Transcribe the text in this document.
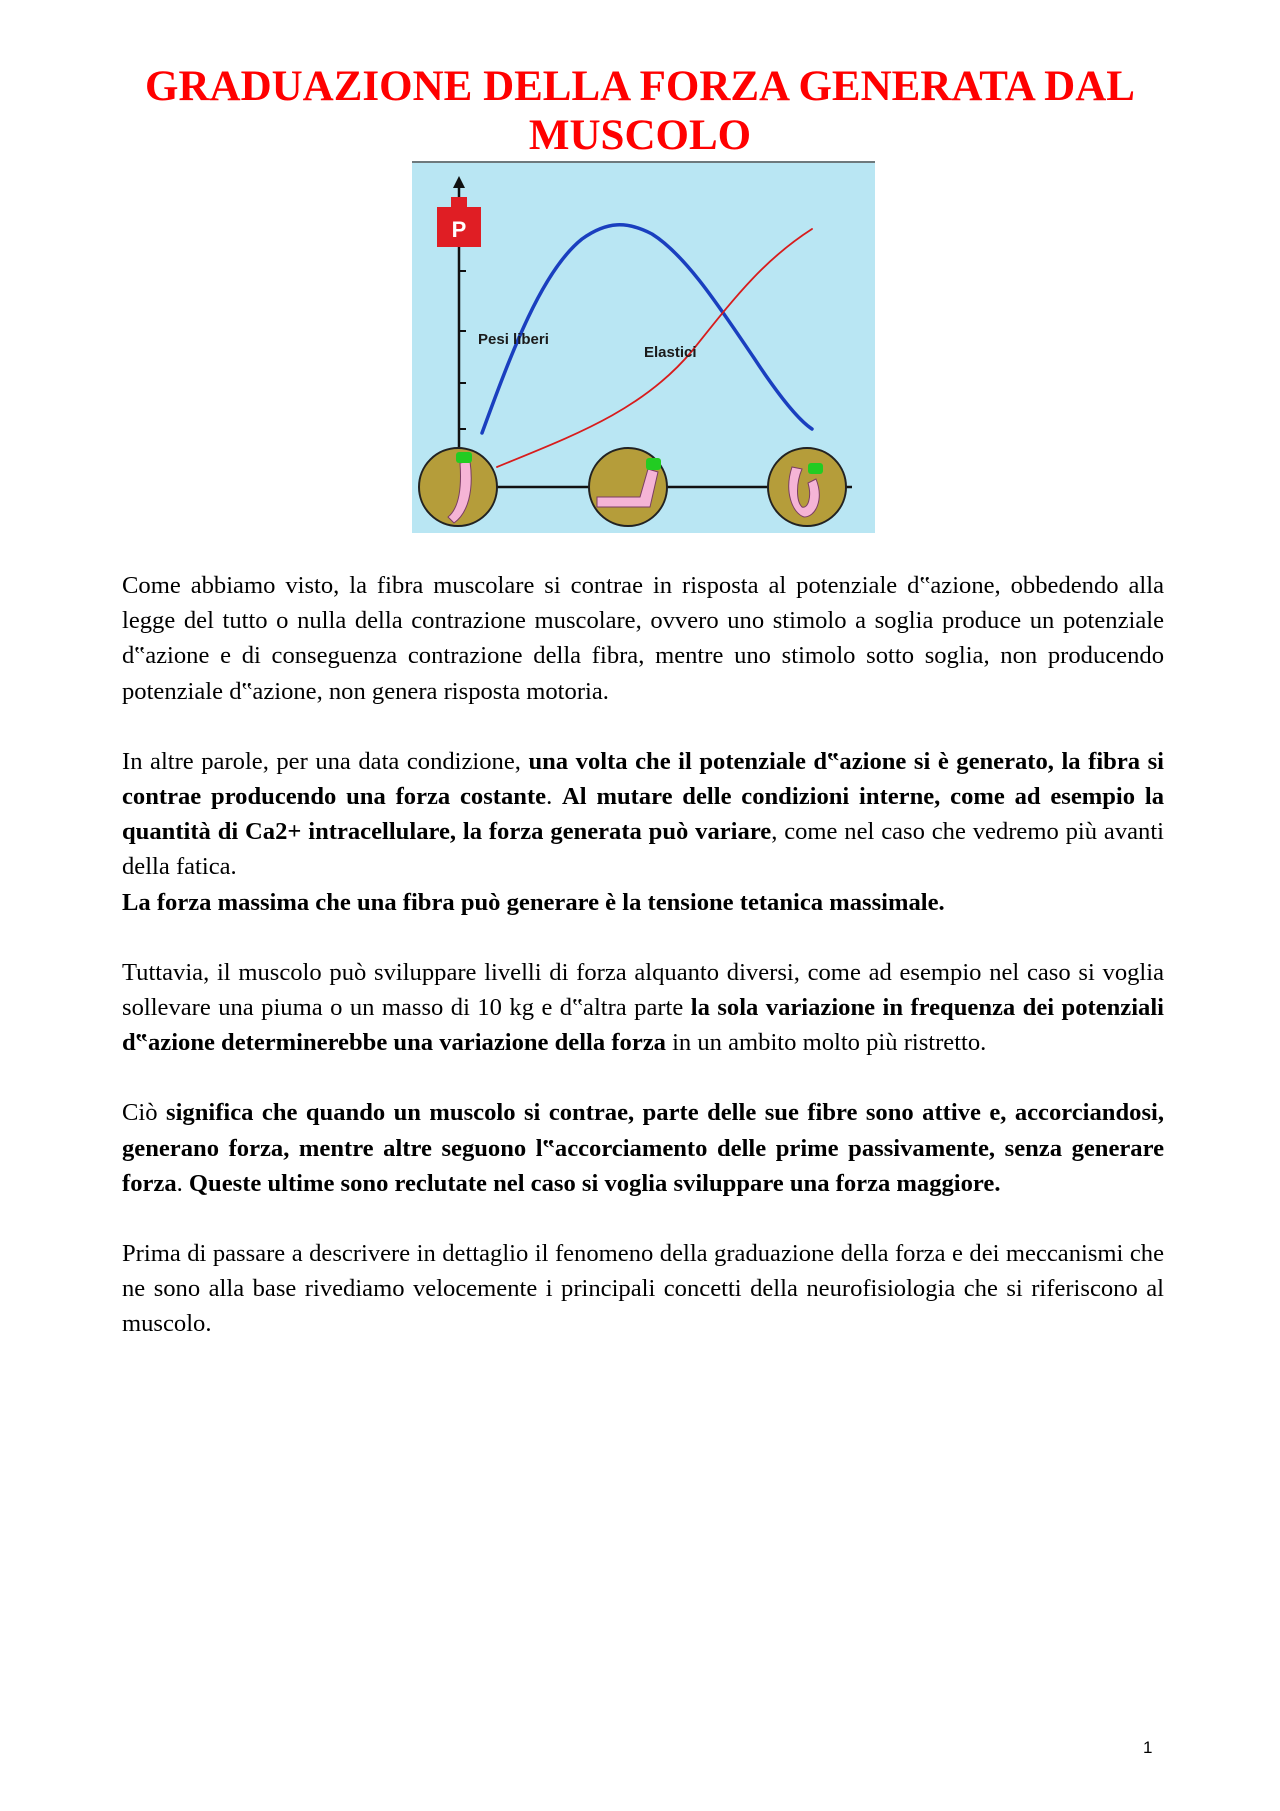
GRADUAZIONE DELLA FORZA GENERATA DAL MUSCOLO
P
Pesi liberi
Elastici

Come abbiamo visto, la fibra muscolare si contrae in risposta al potenziale d‟azione, obbedendo alla legge del tutto o nulla della contrazione muscolare, ovvero uno stimolo a soglia produce un potenziale d‟azione e di conseguenza contrazione della fibra, mentre uno stimolo sotto soglia, non producendo potenziale d‟azione, non genera risposta motoria.

In altre parole, per una data condizione, una volta che il potenziale d‟azione si è generato, la fibra si contrae producendo una forza costante. Al mutare delle condizioni interne, come ad esempio la quantità di Ca2+ intracellulare, la forza generata può variare, come nel caso che vedremo più avanti della fatica.

La forza massima che una fibra può generare è la tensione tetanica massimale.

Tuttavia, il muscolo può sviluppare livelli di forza alquanto diversi, come ad esempio nel caso si voglia sollevare una piuma o un masso di 10 kg e d‟altra parte la sola variazione in frequenza dei potenziali d‟azione determinerebbe una variazione della forza in un ambito molto più ristretto.

Ciò significa che quando un muscolo si contrae, parte delle sue fibre sono attive e, accorciandosi, generano forza, mentre altre seguono l‟accorciamento delle prime passivamente, senza generare forza. Queste ultime sono reclutate nel caso si voglia sviluppare una forza maggiore.

Prima di passare a descrivere in dettaglio il fenomeno della graduazione della forza e dei meccanismi che ne sono alla base rivediamo velocemente i principali concetti della neurofisiologia che si riferiscono al muscolo.

1
